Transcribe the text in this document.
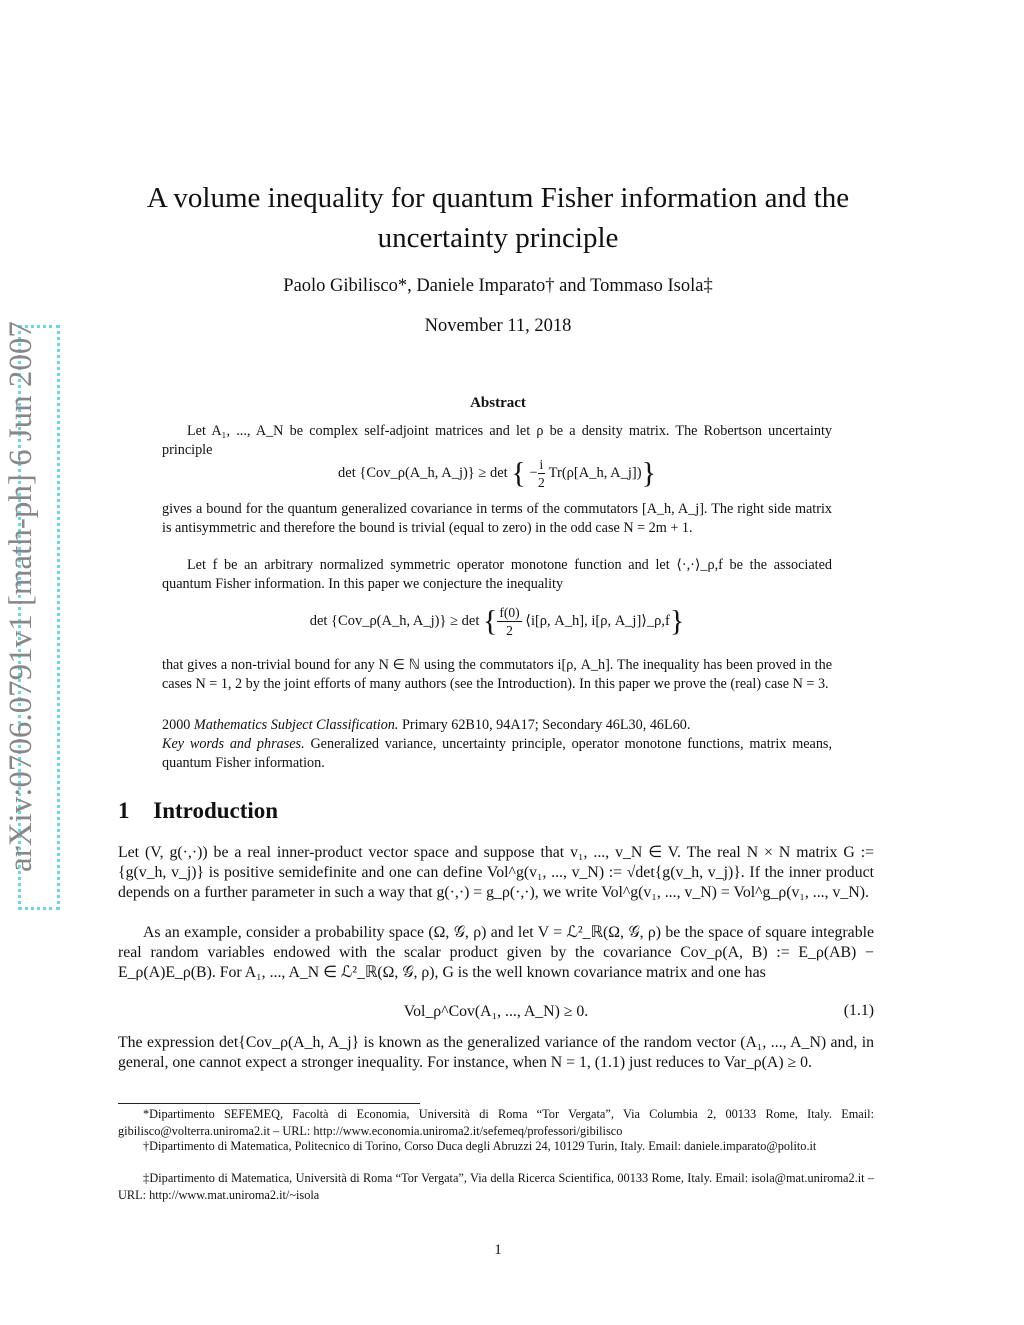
arXiv:0706.0791v1 [math-ph] 6 Jun 2007
A volume inequality for quantum Fisher information and the
uncertainty principle
Paolo Gibilisco*, Daniele Imparato† and Tommaso Isola‡
November 11, 2018
Abstract
Let A₁, ..., A_N be complex self-adjoint matrices and let ρ be a density matrix. The Robertson uncertainty principle
det {Cov_ρ(A_h, A_j)} ≥ det { − $\frac{i}{2}$ Tr(ρ[A_h, A_j])}
gives a bound for the quantum generalized covariance in terms of the commutators [A_h, A_j]. The right side matrix is antisymmetric and therefore the bound is trivial (equal to zero) in the odd case N = 2m + 1.
Let f be an arbitrary normalized symmetric operator monotone function and let ⟨·,·⟩_ρ,f be the associated quantum Fisher information. In this paper we conjecture the inequality
det {Cov_ρ(A_h, A_j)} ≥ det { $\frac{f(0)}{2}$ ⟨i[ρ, A_h], i[ρ, A_j]⟩_ρ,f}
that gives a non-trivial bound for any N ∈ ℕ using the commutators i[ρ, A_h]. The inequality has been proved in the cases N = 1, 2 by the joint efforts of many authors (see the Introduction). In this paper we prove the (real) case N = 3.
2000 Mathematics Subject Classification. Primary 62B10, 94A17; Secondary 46L30, 46L60.
Key words and phrases. Generalized variance, uncertainty principle, operator monotone functions, matrix means, quantum Fisher information.
1 Introduction
Let (V, g(·,·)) be a real inner-product vector space and suppose that v₁, ..., v_N ∈ V. The real N × N matrix G := {g(v_h, v_j)} is positive semidefinite and one can define Vol^g(v₁, ..., v_N) := √det{g(v_h, v_j)}. If the inner product depends on a further parameter in such a way that g(·,·) = g_ρ(·,·), we write Vol^g(v₁, ..., v_N) = Vol^g_ρ(v₁, ..., v_N).
As an example, consider a probability space (Ω, 𝒢, ρ) and let V = ℒ²_ℝ(Ω, 𝒢, ρ) be the space of square integrable real random variables endowed with the scalar product given by the covariance Cov_ρ(A, B) := E_ρ(AB) − E_ρ(A)E_ρ(B). For A₁, ..., A_N ∈ ℒ²_ℝ(Ω, 𝒢, ρ), G is the well known covariance matrix and one has
Vol_ρ^Cov(A₁, ..., A_N) ≥ 0.	(1.1)
The expression det{Cov_ρ(A_h, A_j} is known as the generalized variance of the random vector (A₁, ..., A_N) and, in general, one cannot expect a stronger inequality. For instance, when N = 1, (1.1) just reduces to Var_ρ(A) ≥ 0.
*Dipartimento SEFEMEQ, Facoltà di Economia, Università di Roma “Tor Vergata”, Via Columbia 2, 00133 Rome, Italy. Email: gibilisco@volterra.uniroma2.it – URL: http://www.economia.uniroma2.it/sefemeq/professori/gibilisco
†Dipartimento di Matematica, Politecnico di Torino, Corso Duca degli Abruzzi 24, 10129 Turin, Italy. Email: daniele.imparato@polito.it
‡Dipartimento di Matematica, Università di Roma “Tor Vergata”, Via della Ricerca Scientifica, 00133 Rome, Italy. Email: isola@mat.uniroma2.it – URL: http://www.mat.uniroma2.it/~isola
1
